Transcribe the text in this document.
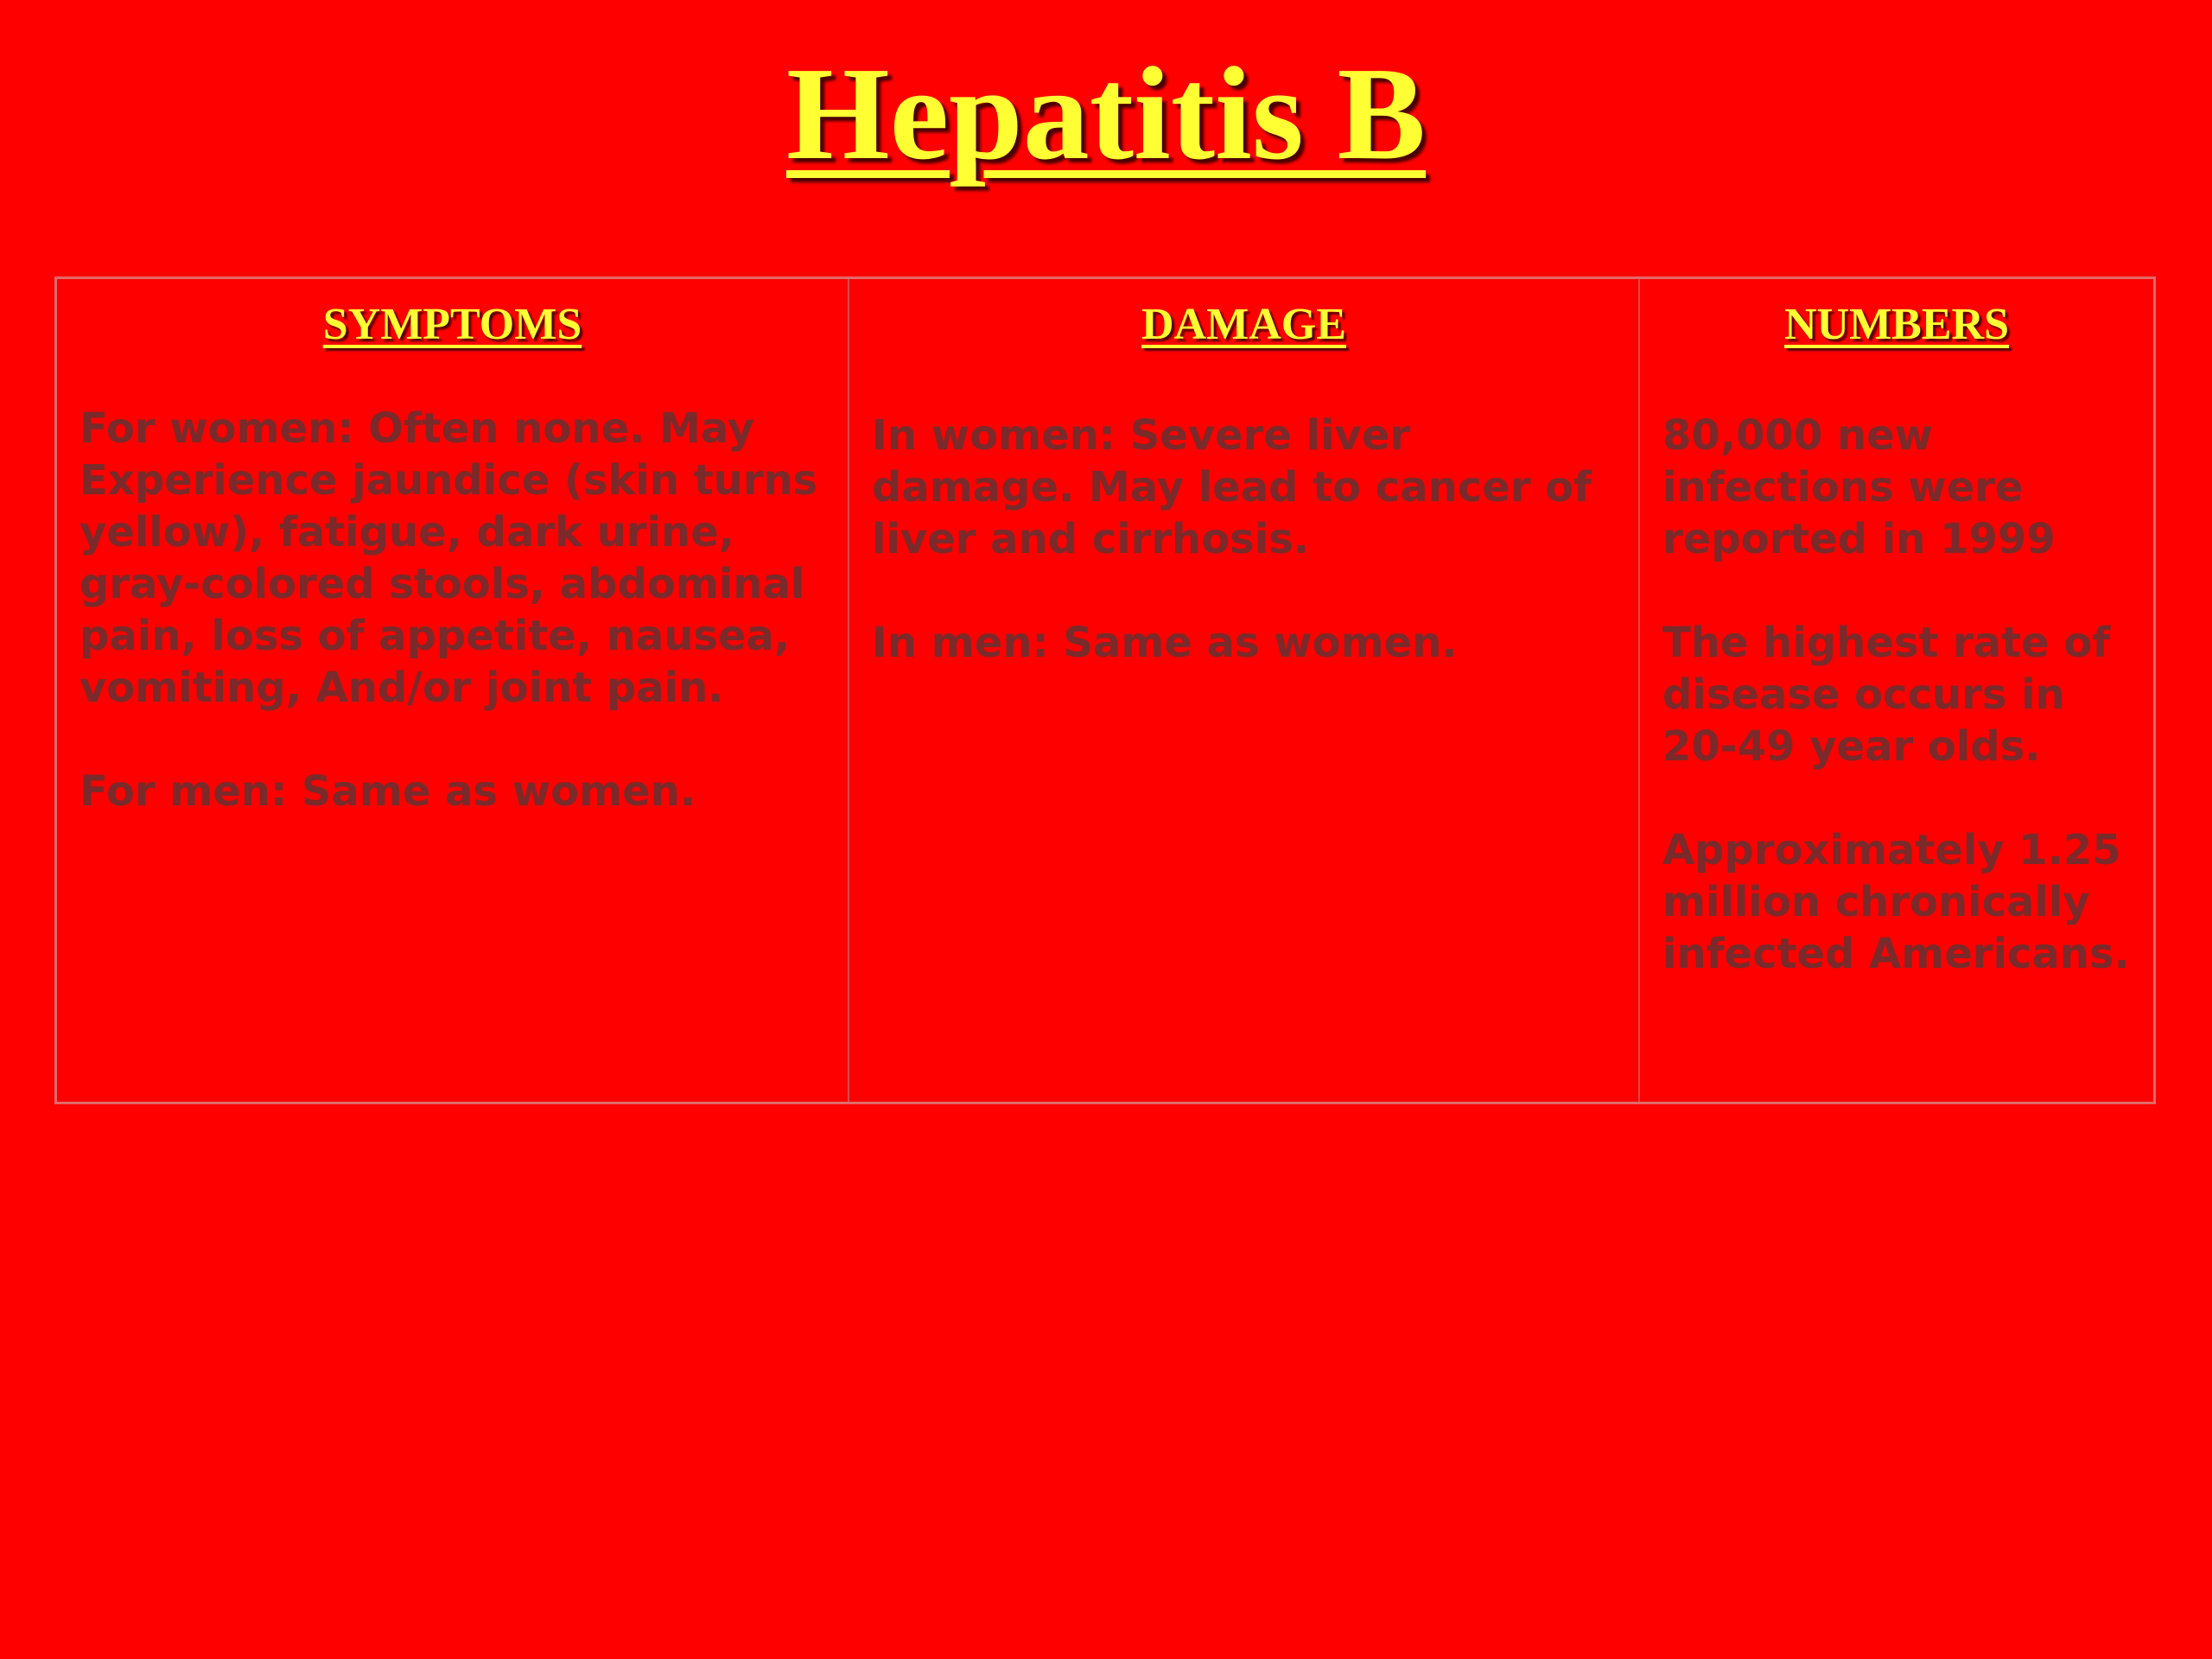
Hepatitis B
SYMPTOMS

For women: Often none. May Experience jaundice (skin turns yellow), fatigue, dark urine, gray-colored stools, abdominal pain, loss of appetite, nausea, vomiting, And/or joint pain.

For men: Same as women.

DAMAGE

In women: Severe liver damage. May lead to cancer of liver and cirrhosis.

In men: Same as women.

NUMBERS

80,000 new infections were reported in 1999

The highest rate of disease occurs in 20-49 year olds.

Approximately 1.25 million chronically infected Americans.
